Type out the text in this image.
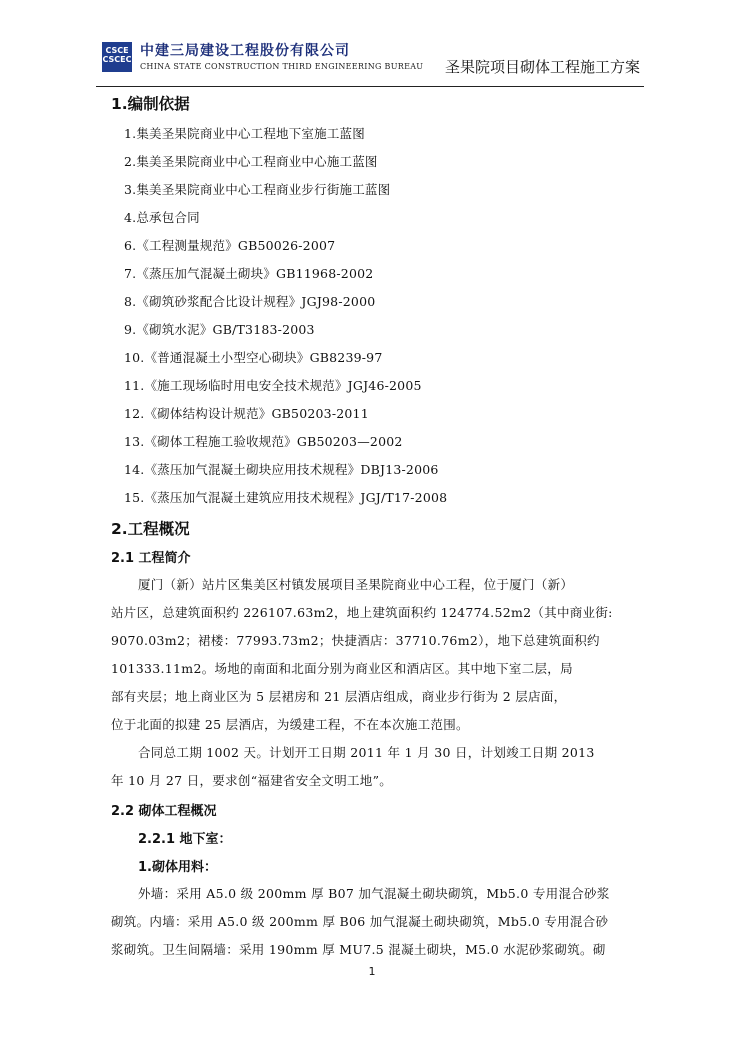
CSCE
CSCEC
中建三局建设工程股份有限公司
CHINA STATE CONSTRUCTION THIRD ENGINEERING BUREAU 圣果院项目砌体工程施工方案
1.编制依据
1.集美圣果院商业中心工程地下室施工蓝图
2.集美圣果院商业中心工程商业中心施工蓝图
3.集美圣果院商业中心工程商业步行街施工蓝图
4.总承包合同
6.《工程测量规范》GB50026-2007
7.《蒸压加气混凝土砌块》GB11968-2002
8.《砌筑砂浆配合比设计规程》JGJ98-2000
9.《砌筑水泥》GB/T3183-2003
10.《普通混凝土小型空心砌块》GB8239-97
11.《施工现场临时用电安全技术规范》JGJ46-2005
12.《砌体结构设计规范》GB50203-2011
13.《砌体工程施工验收规范》GB50203—2002
14.《蒸压加气混凝土砌块应用技术规程》DBJ13-2006
15.《蒸压加气混凝土建筑应用技术规程》JGJ/T17-2008
2.工程概况
2.1 工程简介
厦门（新）站片区集美区村镇发展项目圣果院商业中心工程，位于厦门（新）
站片区，总建筑面积约 226107.63m2，地上建筑面积约 124774.52m2（其中商业街:
9070.03m2；裙楼：77993.73m2；快捷酒店：37710.76m2），地下总建筑面积约
101333.11m2。场地的南面和北面分别为商业区和酒店区。其中地下室二层，局
部有夹层；地上商业区为 5 层裙房和 21 层酒店组成，商业步行街为 2 层店面，
位于北面的拟建 25 层酒店，为缓建工程，不在本次施工范围。
合同总工期 1002 天。计划开工日期 2011 年 1 月 30 日，计划竣工日期 2013
年 10 月 27 日，要求创“福建省安全文明工地”。
2.2 砌体工程概况
2.2.1 地下室：
1.砌体用料：
外墙：采用 A5.0 级 200mm 厚 B07 加气混凝土砌块砌筑，Mb5.0 专用混合砂浆
砌筑。内墙：采用 A5.0 级 200mm 厚 B06 加气混凝土砌块砌筑，Mb5.0 专用混合砂
浆砌筑。卫生间隔墙：采用 190mm 厚 MU7.5 混凝土砌块，M5.0 水泥砂浆砌筑。砌
1
